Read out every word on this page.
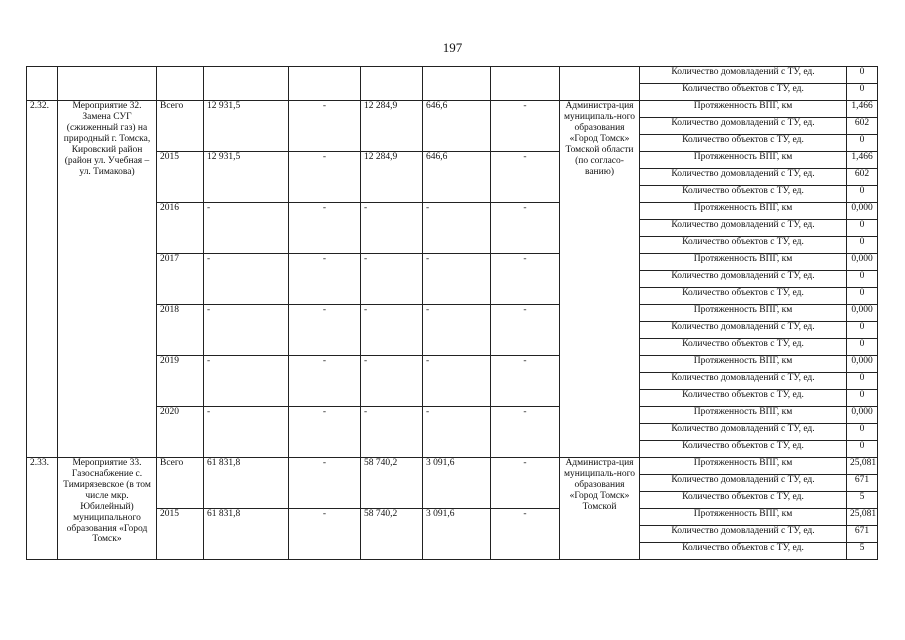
197
									Количество домовладений с ТУ, ед.	0
									Количество объектов с ТУ, ед.	0
2.32.	Мероприятие 32. Замена СУГ (сжиженный газ) на природный г. Томска, Кировский район (район ул. Учебная – ул. Тимакова)	Всего	12 931,5	-	12 284,9	646,6	-	Администра-ция муниципаль-ного образования «Город Томск» Томской области (по согласо-ванию)	Протяженность ВПГ, км	1,466
									Количество домовладений с ТУ, ед.	602
									Количество объектов с ТУ, ед.	0
		2015	12 931,5	-	12 284,9	646,6	-		Протяженность ВПГ, км	1,466
									Количество домовладений с ТУ, ед.	602
									Количество объектов с ТУ, ед.	0
		2016	-	-	-	-	-		Протяженность ВПГ, км	0,000
									Количество домовладений с ТУ, ед.	0
									Количество объектов с ТУ, ед.	0
		2017	-	-	-	-	-		Протяженность ВПГ, км	0,000
									Количество домовладений с ТУ, ед.	0
									Количество объектов с ТУ, ед.	0
		2018	-	-	-	-	-		Протяженность ВПГ, км	0,000
									Количество домовладений с ТУ, ед.	0
									Количество объектов с ТУ, ед.	0
		2019	-	-	-	-	-		Протяженность ВПГ, км	0,000
									Количество домовладений с ТУ, ед.	0
									Количество объектов с ТУ, ед.	0
		2020	-	-	-	-	-		Протяженность ВПГ, км	0,000
									Количество домовладений с ТУ, ед.	0
									Количество объектов с ТУ, ед.	0
2.33.	Мероприятие 33. Газоснабжение с. Тимирязевское (в том числе мкр. Юбилейный) муниципального образования «Город Томск»	Всего	61 831,8	-	58 740,2	3 091,6	-	Администра-ция муниципаль-ного образования «Город Томск» Томской	Протяженность ВПГ, км	25,081
									Количество домовладений с ТУ, ед.	671
									Количество объектов с ТУ, ед.	5
		2015	61 831,8	-	58 740,2	3 091,6	-		Протяженность ВПГ, км	25,081
									Количество домовладений с ТУ, ед.	671
									Количество объектов с ТУ, ед.	5
